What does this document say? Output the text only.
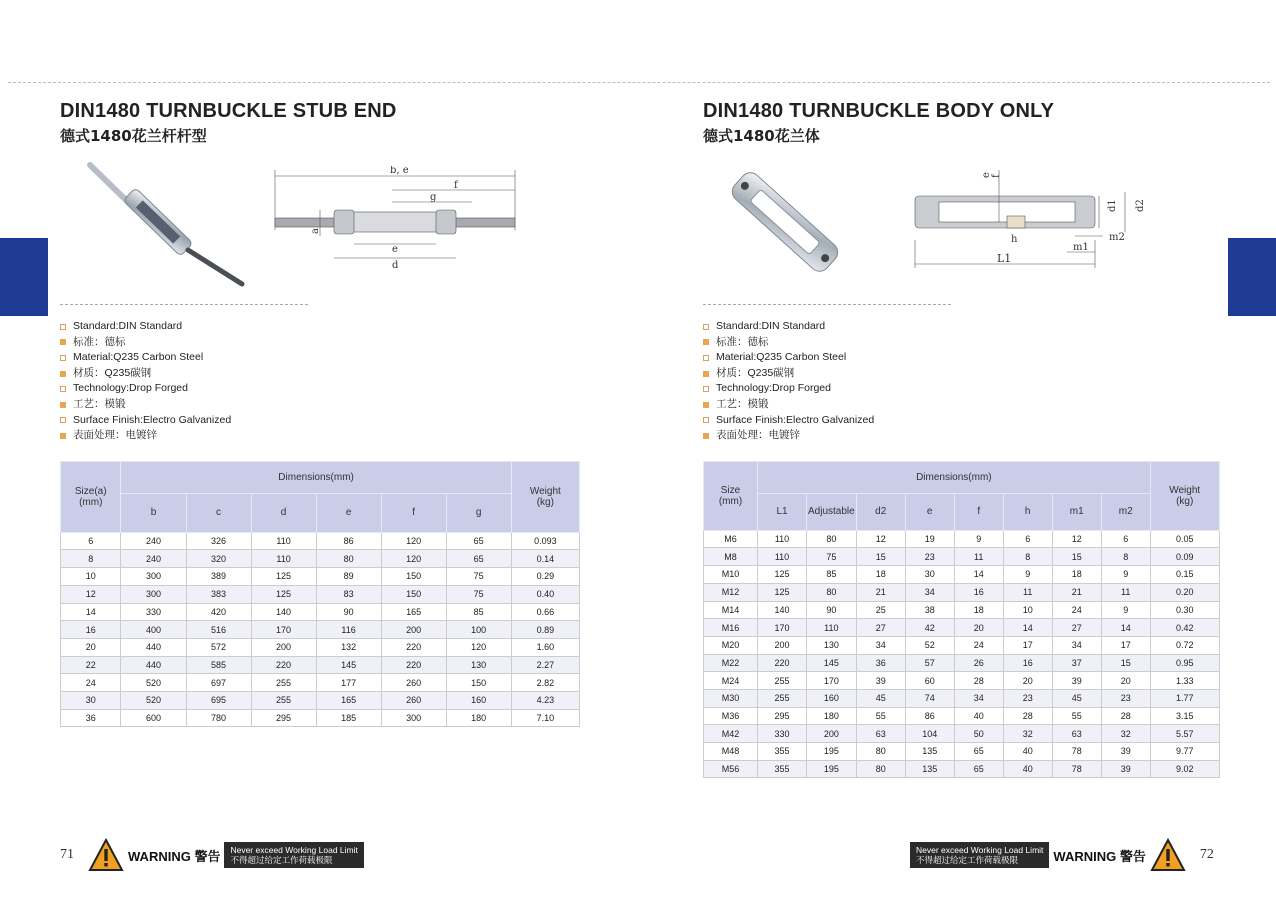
DIN1480 TURNBUCKLE STUB END
德式1480花兰杆杆型
b, e
f
g
a
e
d
Standard:DIN Standard
标准：德标
Material:Q235 Carbon Steel
材质：Q235碳钢
Technology:Drop Forged
工艺：模锻
Surface Finish:Electro Galvanized
表面处理：电镀锌
Size(a)
(mm)	Dimensions(mm)						Weight
(kg)
	b	c	d	e	f	g	
6	240	326	110	86	120	65	0.093
8	240	320	110	80	120	65	0.14
10	300	389	125	89	150	75	0.29
12	300	383	125	83	150	75	0.40
14	330	420	140	90	165	85	0.66
16	400	516	170	116	200	100	0.89
20	440	572	200	132	220	120	1.60
22	440	585	220	145	220	130	2.27
24	520	697	255	177	260	150	2.82
30	520	695	255	165	260	160	4.23
36	600	780	295	185	300	180	7.10
DIN1480 TURNBUCKLE BODY ONLY
德式1480花兰体
e f
d1 d2
h	m2
m1
L1
Standard:DIN Standard
标准：德标
Material:Q235 Carbon Steel
材质：Q235碳钢
Technology:Drop Forged
工艺：模锻
Surface Finish:Electro Galvanized
表面处理：电镀锌
Size
(mm)	Dimensions(mm)								Weight
(kg)
	L1	Adjustable	d2	e	f	h	m1	m2	
M6	110	80	12	19	9	6	12	6	0.05
M8	110	75	15	23	11	8	15	8	0.09
M10	125	85	18	30	14	9	18	9	0.15
M12	125	80	21	34	16	11	21	11	0.20
M14	140	90	25	38	18	10	24	9	0.30
M16	170	110	27	42	20	14	27	14	0.42
M20	200	130	34	52	24	17	34	17	0.72
M22	220	145	36	57	26	16	37	15	0.95
M24	255	170	39	60	28	20	39	20	1.33
M30	255	160	45	74	34	23	45	23	1.77
M36	295	180	55	86	40	28	55	28	3.15
M42	330	200	63	104	50	32	63	32	5.57
M48	355	195	80	135	65	40	78	39	9.77
M56	355	195	80	135	65	40	78	39	9.02
71	WARNING 警告 Never exceed Working Load Limit
不得超过给定工作荷载极限
Never exceed Working Load Limit
不得超过给定工作荷载极限	WARNING 警告	72
